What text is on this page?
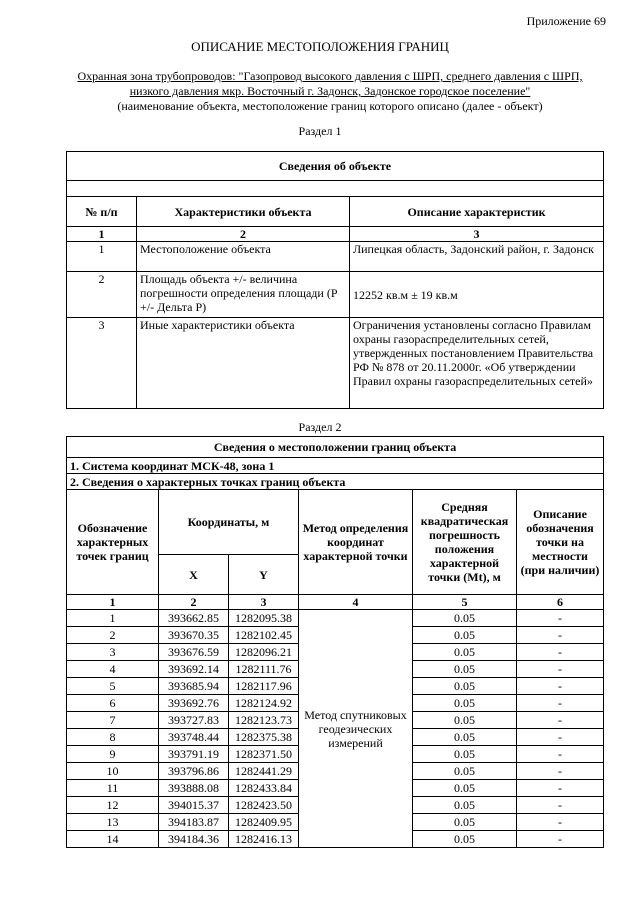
Приложение 69
ОПИСАНИЕ МЕСТОПОЛОЖЕНИЯ ГРАНИЦ
Охранная зона трубопроводов: "Газопровод высокого давления с ШРП, среднего давления с ШРП,
низкого давления мкр. Восточный г. Задонск, Задонское городское поселение"
(наименование объекта, местоположение границ которого описано (далее - объект)
Раздел 1
Сведения об объекте		

№ п/п	Характеристики объекта	Описание характеристик
1	2	3
1	Местоположение объекта	Липецкая область, Задонский район, г. Задонск
2	Площадь объекта +/- величина погрешности определения площади (Р +/- Дельта Р)	12252 кв.м ± 19 кв.м
3	Иные характеристики объекта	Ограничения установлены согласно Правилам охраны газораспределительных сетей, утвержденных постановлением Правительства РФ № 878 от 20.11.2000г. «Об утверждении Правил охраны газораспределительных сетей»
Раздел 2
Сведения о местоположении границ объекта					
1. Система координат МСК-48, зона 1					
2. Сведения о характерных точках границ объекта					
Обозначение характерных точек границ	Координаты, м		Метод определения координат характерной точки	Средняя квадратическая погрешность положения характерной точки (Mt), м	Описание обозначения точки на местности (при наличии)
	X	Y			
1	2	3	4	5	6
1	393662.85	1282095.38	Метод спутниковых геодезических измерений	0.05	-
2	393670.35	1282102.45		0.05	-
3	393676.59	1282096.21		0.05	-
4	393692.14	1282111.76		0.05	-
5	393685.94	1282117.96		0.05	-
6	393692.76	1282124.92		0.05	-
7	393727.83	1282123.73		0.05	-
8	393748.44	1282375.38		0.05	-
9	393791.19	1282371.50		0.05	-
10	393796.86	1282441.29		0.05	-
11	393888.08	1282433.84		0.05	-
12	394015.37	1282423.50		0.05	-
13	394183.87	1282409.95		0.05	-
14	394184.36	1282416.13		0.05	-
